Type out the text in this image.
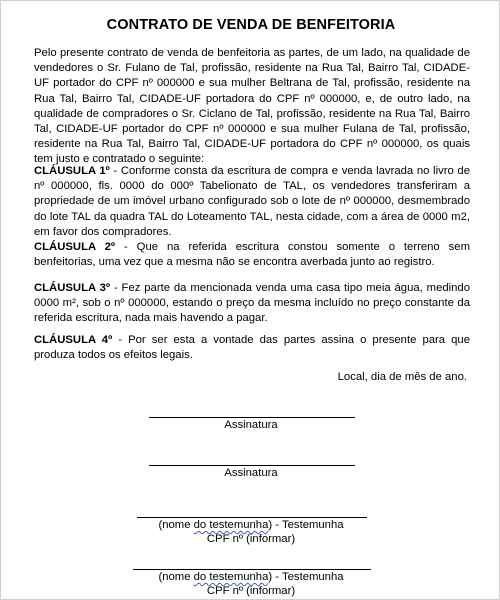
CONTRATO DE VENDA DE BENFEITORIA
Pelo presente contrato de venda de benfeitoria as partes, de um lado, na qualidade de vendedores o Sr. Fulano de Tal, profissão, residente na Rua Tal, Bairro Tal, CIDADE-UF portador do CPF nº 000000 e sua mulher Beltrana de Tal, profissão, residente na Rua Tal, Bairro Tal, CIDADE-UF portadora do CPF nº 000000, e, de outro lado, na qualidade de compradores o Sr. Ciclano de Tal, profissão, residente na Rua Tal, Bairro Tal, CIDADE-UF portador do CPF nº 000000 e sua mulher Fulana de Tal, profissão, residente na Rua Tal, Bairro Tal, CIDADE-UF portadora do CPF nº 000000, os quais tem justo e contratado o seguinte:
CLÁUSULA 1º - Conforme consta da escritura de compra e venda lavrada no livro de nº 000000, fls. 0000 do 000º Tabelionato de TAL, os vendedores transferiram a propriedade de um imóvel urbano configurado sob o lote de nº 000000, desmembrado do lote TAL da quadra TAL do Loteamento TAL, nesta cidade, com a área de 0000 m2, em favor dos compradores.
CLÁUSULA 2º - Que na referida escritura constou somente o terreno sem benfeitorias, uma vez que a mesma não se encontra averbada junto ao registro.
CLÁUSULA 3º - Fez parte da mencionada venda uma casa tipo meia água, medindo 0000 m², sob o nº 000000, estando o preço da mesma incluído no preço constante da referida escritura, nada mais havendo a pagar.
CLÁUSULA 4º - Por ser esta a vontade das partes assina o presente para que produza todos os efeitos legais.
Local, dia de mês de ano.
Assinatura
Assinatura
(nome do testemunha) - Testemunha
CPF nº (informar)
(nome do testemunha) - Testemunha
CPF nº (informar)
